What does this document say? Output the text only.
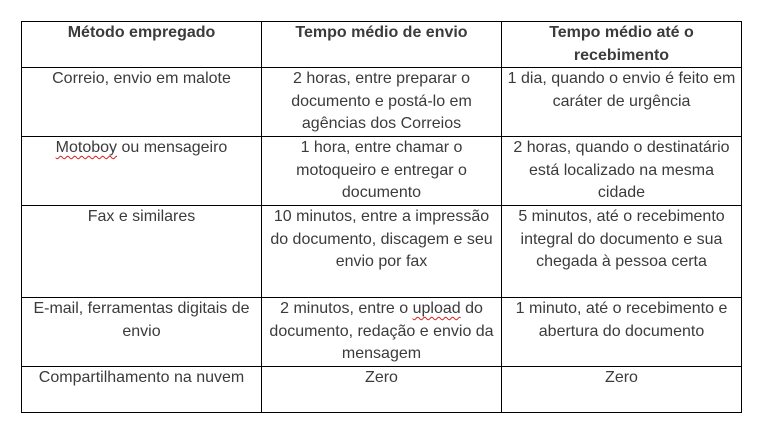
Método empregado	Tempo médio de envio	Tempo médio até o recebimento
Correio, envio em malote	2 horas, entre preparar o documento e postá-lo em agências dos Correios	1 dia, quando o envio é feito em caráter de urgência
Motoboy ou mensageiro	1 hora, entre chamar o motoqueiro e entregar o documento	2 horas, quando o destinatário está localizado na mesma cidade
Fax e similares	10 minutos, entre a impressão do documento, discagem e seu envio por fax	5 minutos, até o recebimento integral do documento e sua chegada à pessoa certa
E-mail, ferramentas digitais de envio	2 minutos, entre o upload do documento, redação e envio da mensagem	1 minuto, até o recebimento e abertura do documento
Compartilhamento na nuvem	Zero	Zero
